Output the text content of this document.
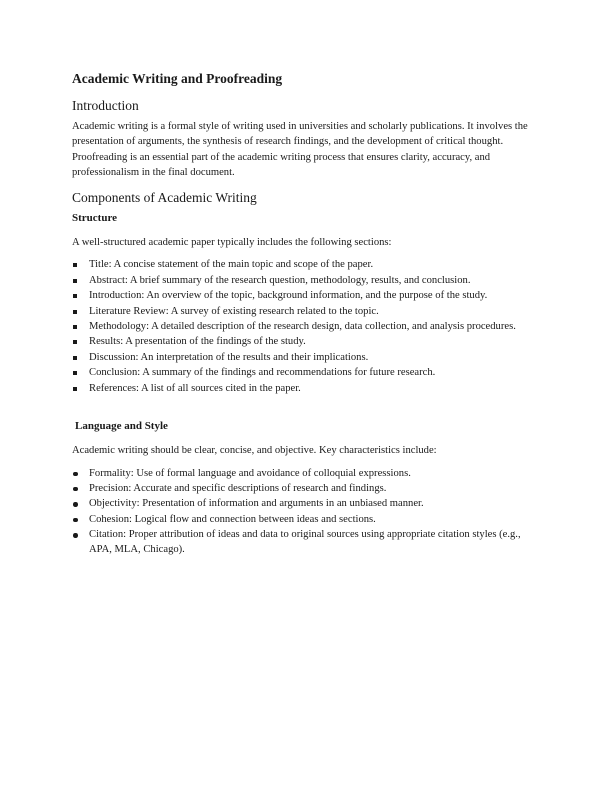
Academic Writing and Proofreading
Introduction

Academic writing is a formal style of writing used in universities and scholarly publications. It involves the presentation of arguments, the synthesis of research findings, and the development of critical thought. Proofreading is an essential part of the academic writing process that ensures clarity, accuracy, and professionalism in the final document.

Components of Academic Writing
Structure

A well-structured academic paper typically includes the following sections:

Title: A concise statement of the main topic and scope of the paper.
Abstract: A brief summary of the research question, methodology, results, and conclusion.
Introduction: An overview of the topic, background information, and the purpose of the study.
Literature Review: A survey of existing research related to the topic.
Methodology: A detailed description of the research design, data collection, and analysis procedures.
Results: A presentation of the findings of the study.
Discussion: An interpretation of the results and their implications.
Conclusion: A summary of the findings and recommendations for future research.
References: A list of all sources cited in the paper.
Language and Style

Academic writing should be clear, concise, and objective. Key characteristics include:

Formality: Use of formal language and avoidance of colloquial expressions.
Precision: Accurate and specific descriptions of research and findings.
Objectivity: Presentation of information and arguments in an unbiased manner.
Cohesion: Logical flow and connection between ideas and sections.
Citation: Proper attribution of ideas and data to original sources using appropriate citation styles (e.g., APA, MLA, Chicago).
